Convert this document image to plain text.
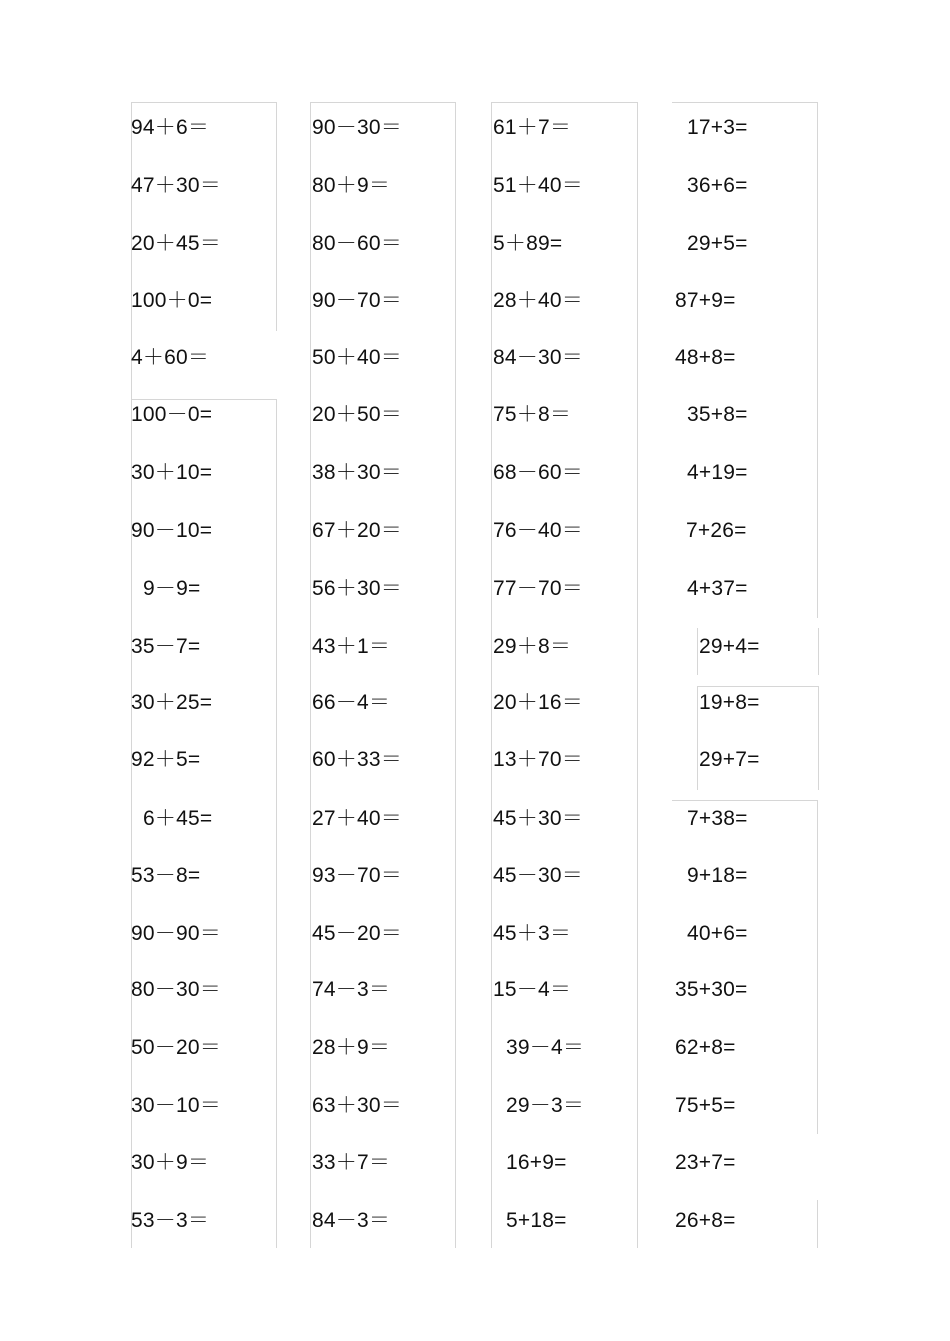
94＋6＝
47＋30＝
20＋45＝
100＋0=
4＋60＝
100－0=
30＋10=
90－10=
9－9=
35－7=
30＋25=
92＋5=
6＋45=
53－8=
90－90＝
80－30＝
50－20＝
30－10＝
30＋9＝
53－3＝
90－30＝
80＋9＝
80－60＝
90－70＝
50＋40＝
20＋50＝
38＋30＝
67＋20＝
56＋30＝
43＋1＝
66－4＝
60＋33＝
27＋40＝
93－70＝
45－20＝
74－3＝
28＋9＝
63＋30＝
33＋7＝
84－3＝
61＋7＝
51＋40＝
5＋89=
28＋40＝
84－30＝
75＋8＝
68－60＝
76－40＝
77－70＝
29＋8＝
20＋16＝
13＋70＝
45＋30＝
45－30＝
45＋3＝
15－4＝
39－4＝
29－3＝
16+9=
5+18=
17+3=
36+6=
29+5=
87+9=
48+8=
35+8=
4+19=
7+26=
4+37=
29+4=
19+8=
29+7=
7+38=
9+18=
40+6=
35+30=
62+8=
75+5=
23+7=
26+8=
